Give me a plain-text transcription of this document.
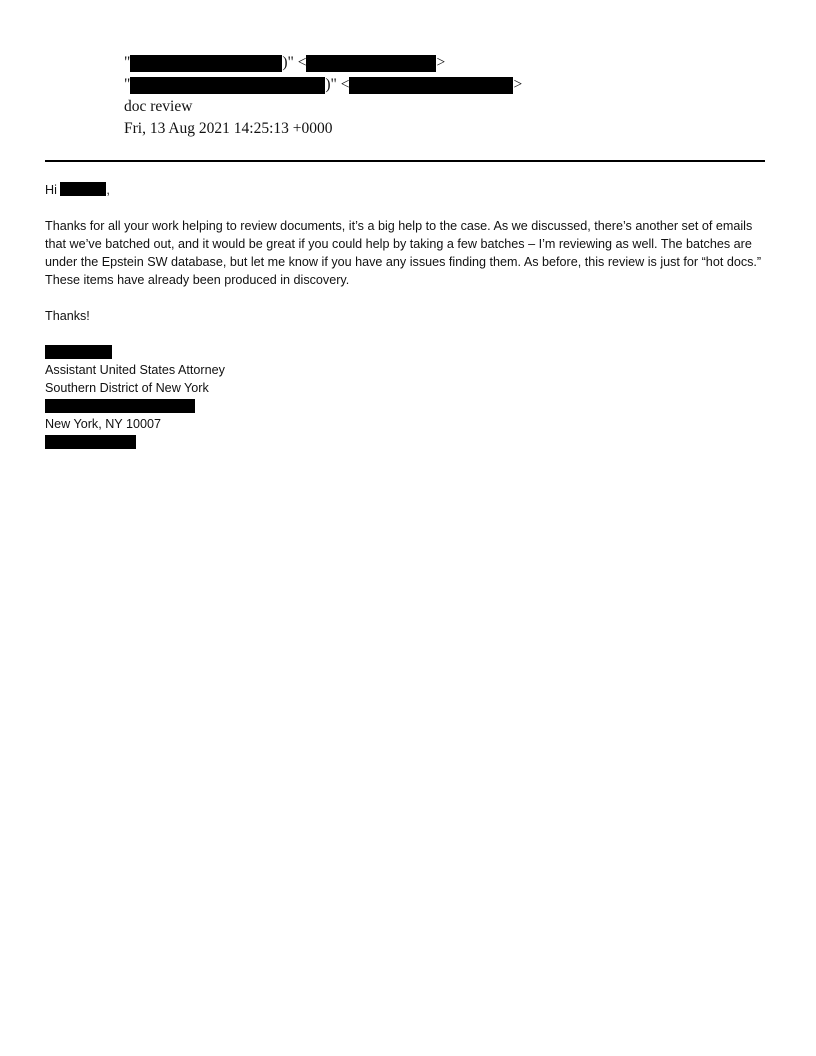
"	)" <	>
"	)" <	>
doc review
Fri, 13 Aug 2021 14:25:13 +0000

Hi	,

Thanks for all your work helping to review documents, it’s a big help to the case. As we discussed, there’s another set of emails that we’ve batched out, and it would be great if you could help by taking a few batches – I’m reviewing as well. The batches are under the Epstein SW database, but let me know if you have any issues finding them. As before, this review is just for “hot docs.” These items have already been produced in discovery.

Thanks!

Assistant United States Attorney

Southern District of New York

New York, NY 10007
